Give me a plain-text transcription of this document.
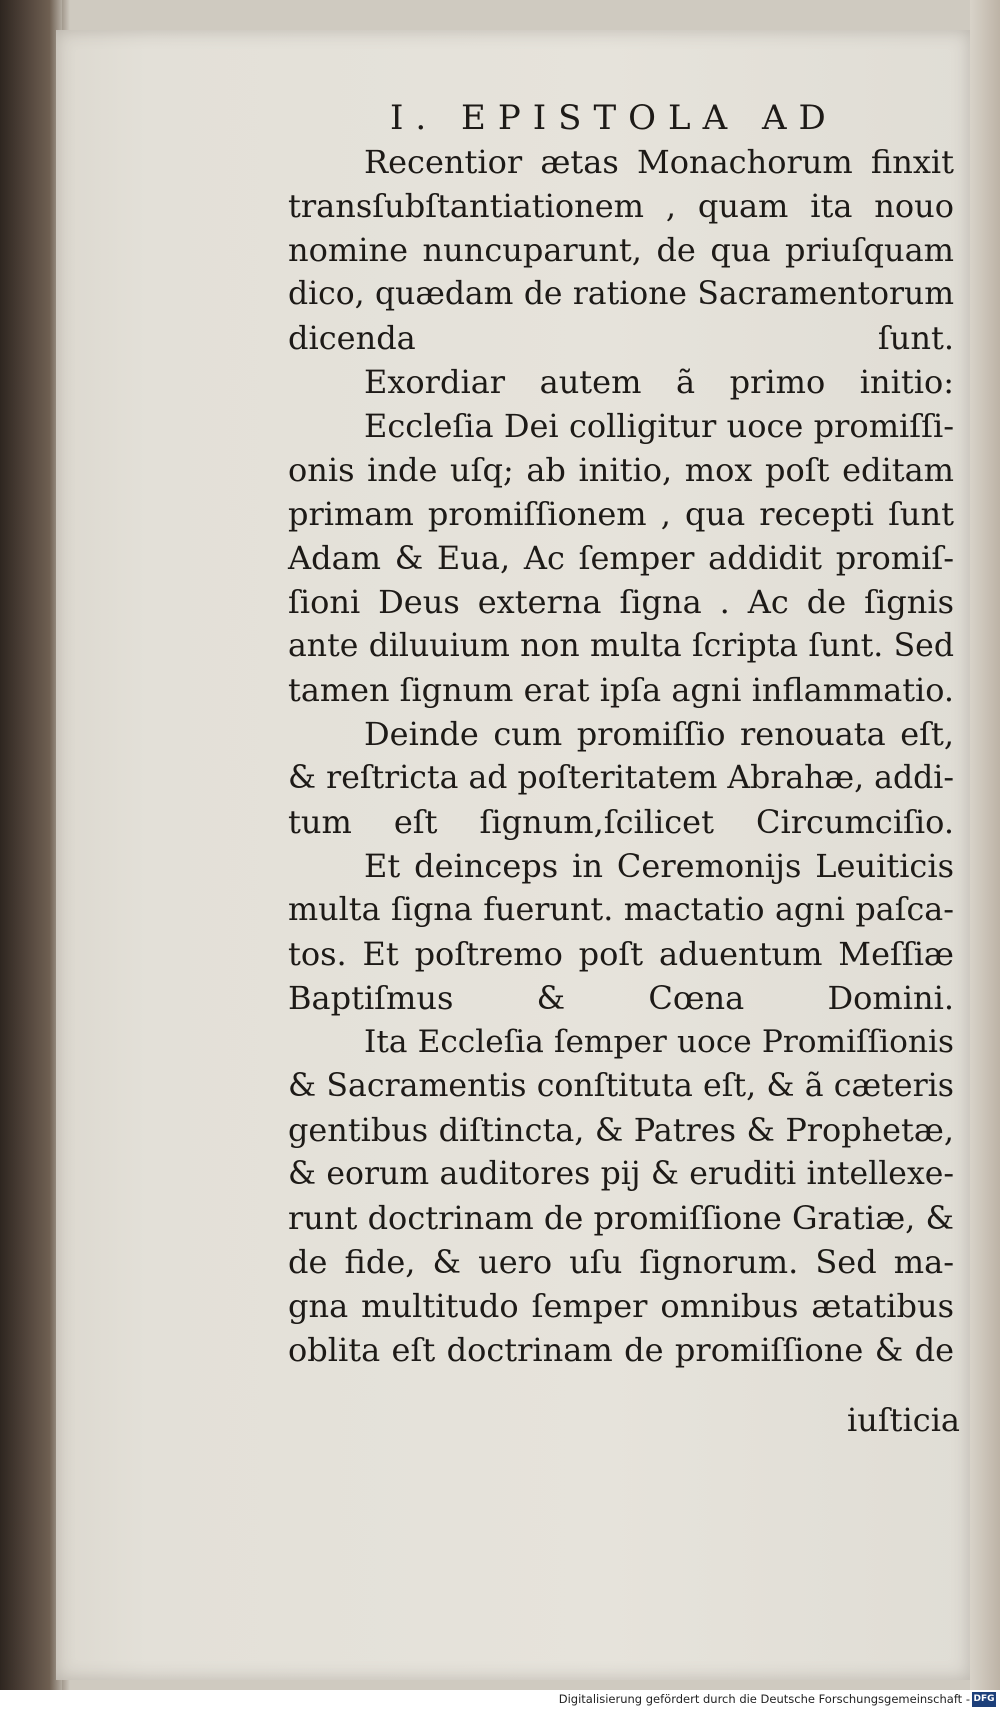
I. EPISTOLA AD
Recentior ætas Monachorum finxit
transſubſtantiationem , quam ita nouo
nomine nuncuparunt, de qua priuſquam
dico, quædam de ratione Sacramentorum
dicenda ſunt.
Exordiar autem ã primo initio:
Eccleſia Dei colligitur uoce promiſſi-
onis inde uſq; ab initio, mox poſt editam
primam promiſſionem , qua recepti ſunt
Adam & Eua, Ac ſemper addidit promiſ-
ſioni Deus externa ſigna . Ac de ſignis
ante diluuium non multa ſcripta ſunt. Sed
tamen ſignum erat ipſa agni inflammatio.
Deinde cum promiſſio renouata eſt,
& reſtricta ad poſteritatem Abrahæ, addi-
tum eſt ſignum,ſcilicet Circumciſio.
Et deinceps in Ceremonijs Leuiticis
multa ſigna fuerunt. mactatio agni paſca-
tos. Et poſtremo poſt aduentum Meſſiæ
Baptiſmus & Cœna Domini.
Ita Eccleſia ſemper uoce Promiſſionis
& Sacramentis conſtituta eſt, & ã cæteris
gentibus diſtincta, & Patres & Prophetæ,
& eorum auditores pij & eruditi intellexe-
runt doctrinam de promiſſione Gratiæ, &
de fide, & uero uſu ſignorum. Sed ma-
gna multitudo ſemper omnibus ætatibus
oblita eſt doctrinam de promiſſione & de
iuſticia
Digitalisierung gefördert durch die Deutsche Forschungsgemeinschaft - DFG
